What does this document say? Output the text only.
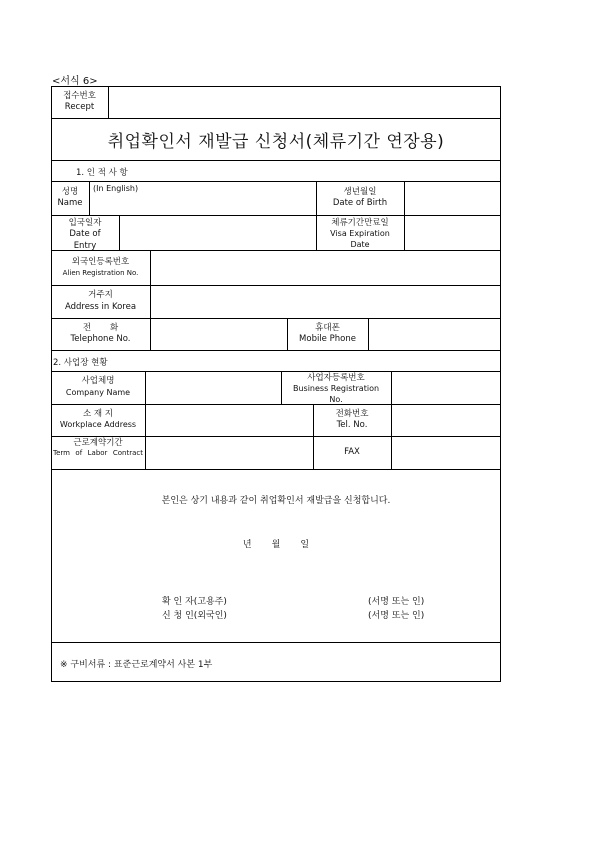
<서식 6>
접수번호
Recept
취업확인서 재발급 신청서(체류기간 연장용)
1. 인 적 사 항
성명
Name
(In English)	생년월일
Date of Birth
입국일자
Date of Entry
체류기간만료일
Visa Expiration Date
외국인등록번호
Alien Registration No.
거주지
Address in Korea
전       화
Telephone No.
휴대폰
Mobile Phone
2. 사업장 현황
사업체명
Company Name
사업자등록번호
Business Registration No.
소 재 지
Workplace Address
전화번호
Tel. No.
근로계약기간
Term of Labor Contract	FAX
본인은 상기 내용과 같이 취업확인서 재발급을 신청합니다.
년       월       일
확 인 자(고용주)
신 청 인(외국인)
(서명 또는 인)
(서명 또는 인)
※ 구비서류 : 표준근로계약서 사본 1부
